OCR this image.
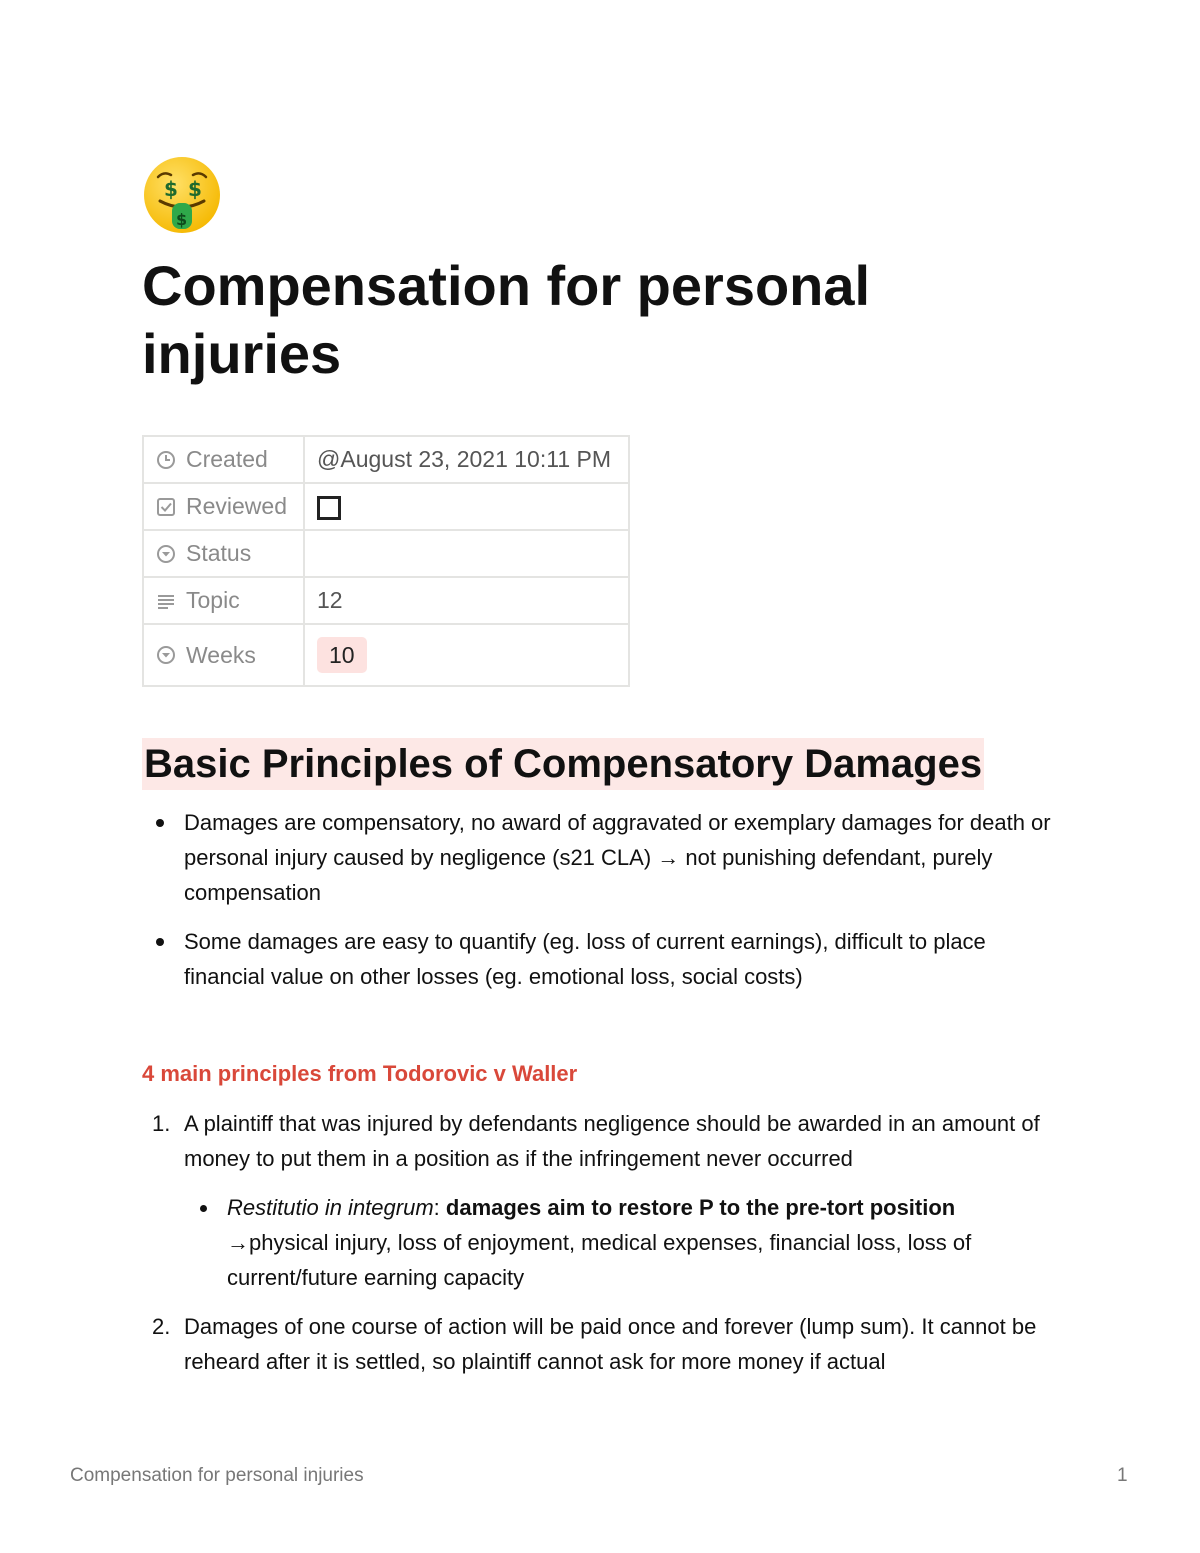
$ $
$
Compensation for personal injuries
Created	@August 23, 2021 10:11 PM
Reviewed	
Status	
Topic	12
Weeks	10
Basic Principles of Compensatory Damages
Damages are compensatory, no award of aggravated or exemplary damages for death or personal injury caused by negligence (s21 CLA) → not punishing defendant, purely compensation
Some damages are easy to quantify (eg. loss of current earnings), difficult to place financial value on other losses (eg. emotional loss, social costs)
4 main principles from Todorovic v Waller
1. A plaintiff that was injured by defendants negligence should be awarded in an amount of money to put them in a position as if the infringement never occurred
Restitutio in integrum: damages aim to restore P to the pre-tort position →physical injury, loss of enjoyment, medical expenses, financial loss, loss of current/future earning capacity
2. Damages of one course of action will be paid once and forever (lump sum). It cannot be reheard after it is settled, so plaintiff cannot ask for more money if actual
Compensation for personal injuries	1
